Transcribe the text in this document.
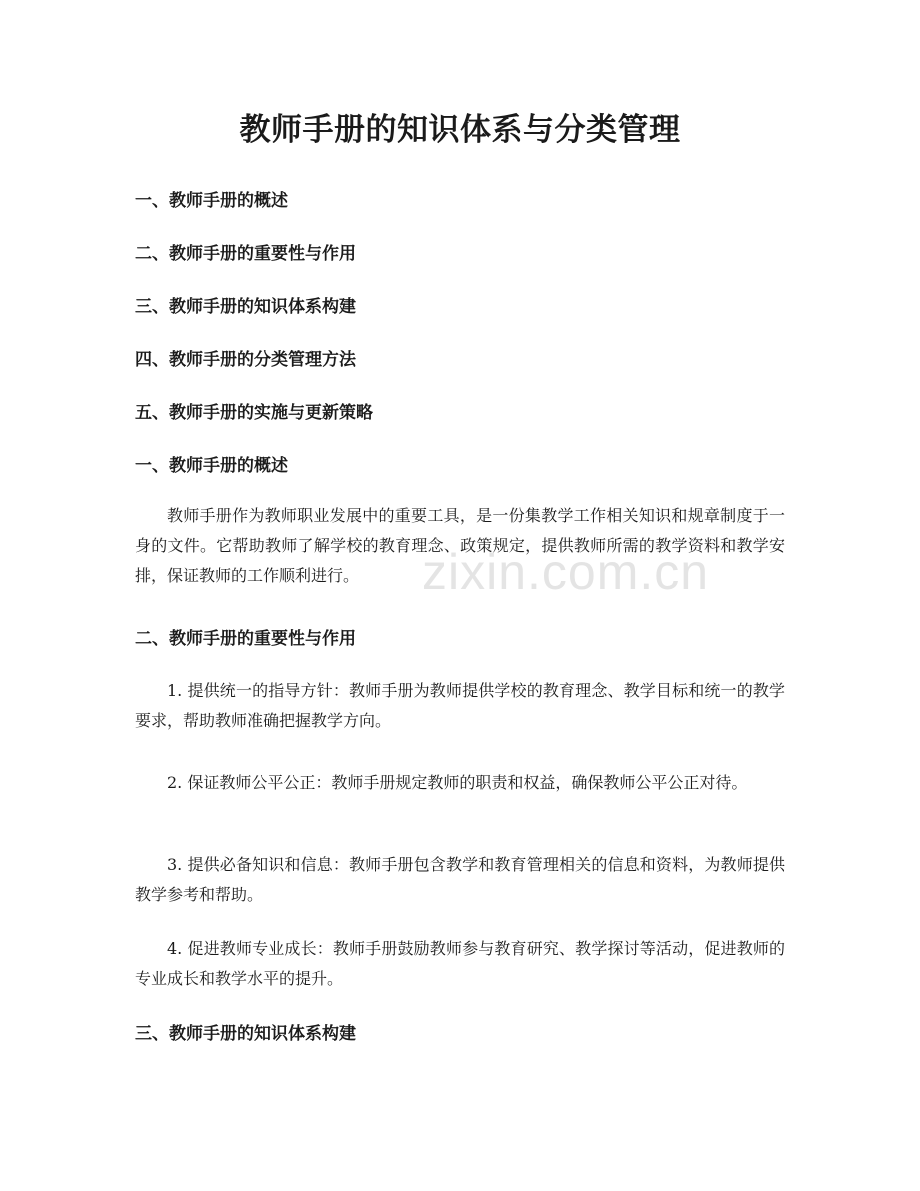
教师手册的知识体系与分类管理
一、教师手册的概述
二、教师手册的重要性与作用
三、教师手册的知识体系构建
四、教师手册的分类管理方法
五、教师手册的实施与更新策略
一、教师手册的概述

教师手册作为教师职业发展中的重要工具，是一份集教学工作相关知识和规章制度于一身的文件。它帮助教师了解学校的教育理念、政策规定，提供教师所需的教学资料和教学安排，保证教师的工作顺利进行。

二、教师手册的重要性与作用

1. 提供统一的指导方针：教师手册为教师提供学校的教育理念、教学目标和统一的教学要求，帮助教师准确把握教学方向。

2. 保证教师公平公正：教师手册规定教师的职责和权益，确保教师公平公正对待。

3. 提供必备知识和信息：教师手册包含教学和教育管理相关的信息和资料，为教师提供教学参考和帮助。

4. 促进教师专业成长：教师手册鼓励教师参与教育研究、教学探讨等活动，促进教师的专业成长和教学水平的提升。

三、教师手册的知识体系构建
zixin.com.cn
